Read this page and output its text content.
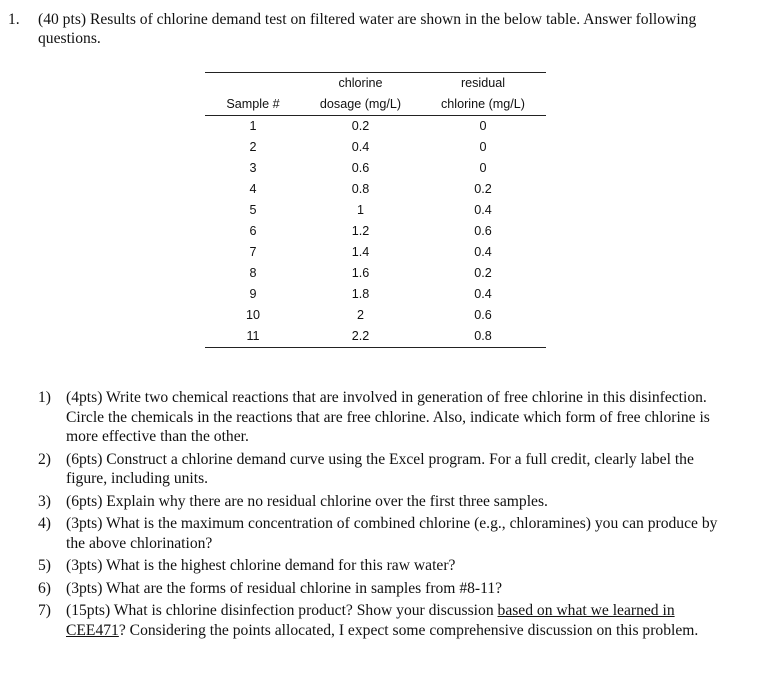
1. (40 pts) Results of chlorine demand test on filtered water are shown in the below table. Answer following questions.
	chlorine	residual
Sample #	dosage (mg/L)	chlorine (mg/L)
1	0.2	0
2	0.4	0
3	0.6	0
4	0.8	0.2
5	1	0.4
6	1.2	0.6
7	1.4	0.4
8	1.6	0.2
9	1.8	0.4
10	2	0.6
11	2.2	0.8
1) (4pts) Write two chemical reactions that are involved in generation of free chlorine in this disinfection. Circle the chemicals in the reactions that are free chlorine. Also, indicate which form of free chlorine is more effective than the other.
2) (6pts) Construct a chlorine demand curve using the Excel program. For a full credit, clearly label the figure, including units.
3) (6pts) Explain why there are no residual chlorine over the first three samples.
4) (3pts) What is the maximum concentration of combined chlorine (e.g., chloramines) you can produce by the above chlorination?
5) (3pts) What is the highest chlorine demand for this raw water?
6) (3pts) What are the forms of residual chlorine in samples from #8-11?
7) (15pts) What is chlorine disinfection product? Show your discussion based on what we learned in CEE471? Considering the points allocated, I expect some comprehensive discussion on this problem.
